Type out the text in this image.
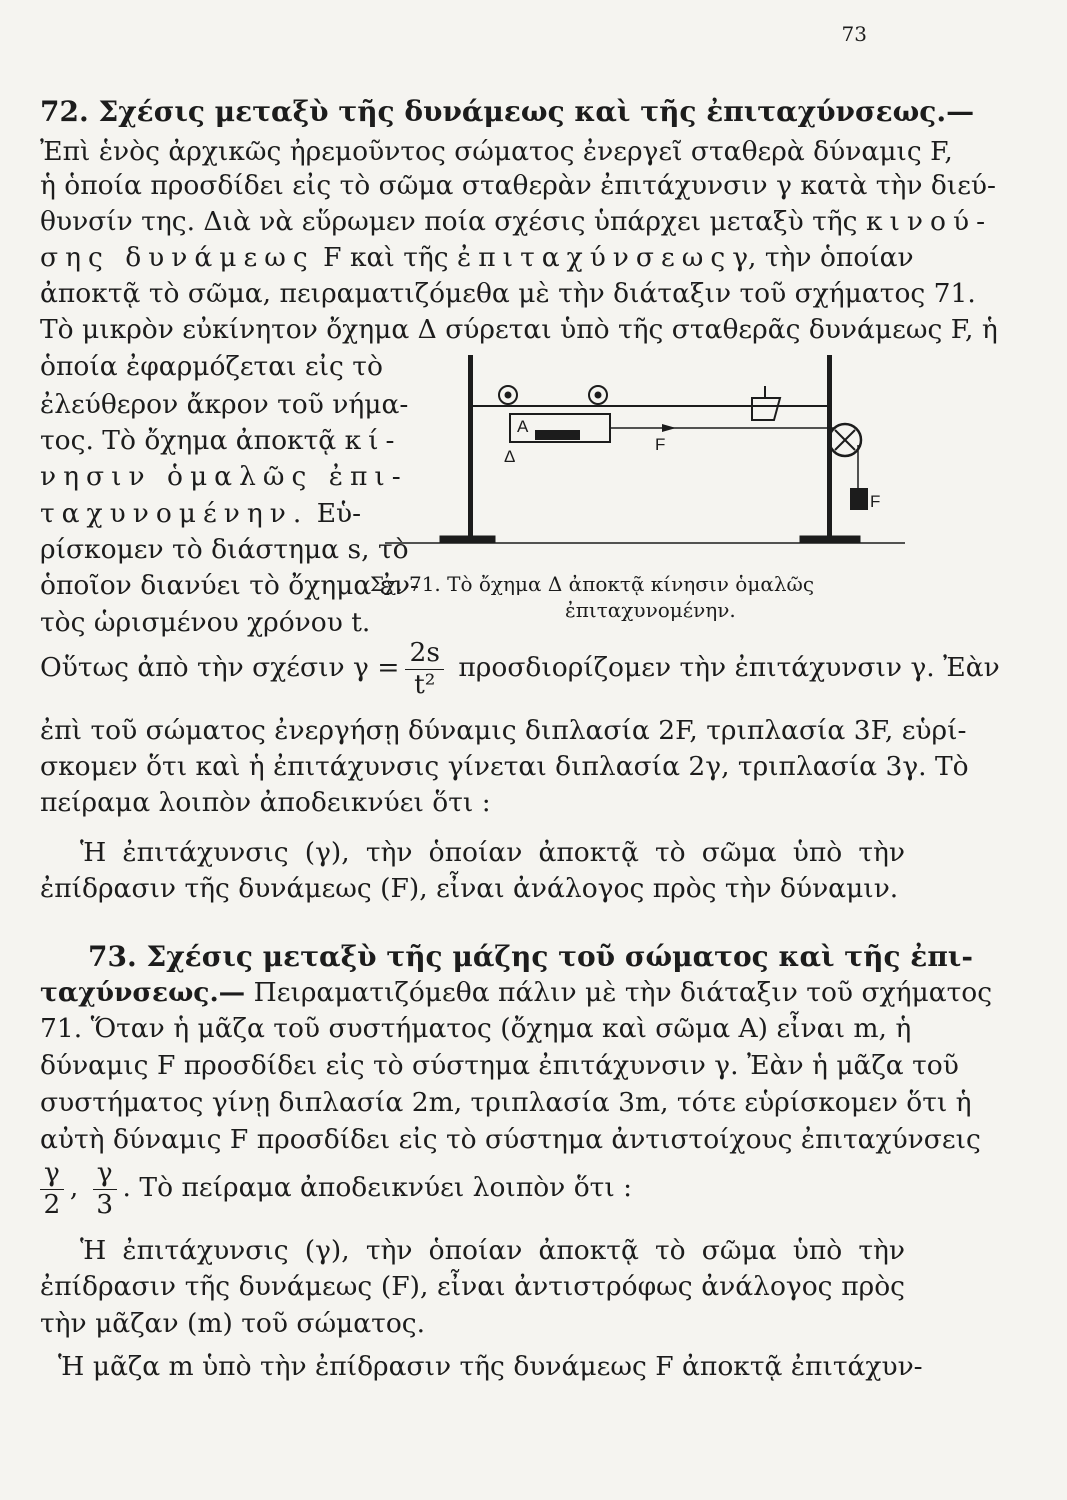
73
72. Σχέσις μεταξὺ τῆς δυνάμεως καὶ τῆς ἐπιταχύνσεως.—
Ἐπὶ ἑνὸς ἀρχικῶς ἠρεμοῦντος σώματος ἐνεργεῖ σταθερὰ δύναμις F,
ἡ ὁποία προσδίδει εἰς τὸ σῶμα σταθερὰν ἐπιτάχυνσιν γ κατὰ τὴν διεύ-
θυνσίν της. Διὰ νὰ εὕρωμεν ποία σχέσις ὑπάρχει μεταξὺ τῆς κινού-
σης δυνάμεως F καὶ τῆς ἐπιταχύνσεωςγ, τὴν ὁποίαν
ἀποκτᾷ τὸ σῶμα, πειραματιζόμεθα μὲ τὴν διάταξιν τοῦ σχήματος 71.
Τὸ μικρὸν εὐκίνητον ὄχημα Δ σύρεται ὑπὸ τῆς σταθερᾶς δυνάμεως F, ἡ
ὁποία ἐφαρμόζεται εἰς τὸ
ἐλεύθερον ἄκρον τοῦ νήμα-
τος. Τὸ ὄχημα ἀποκτᾷ κί-
νησιν ὁμαλῶς ἐπι-
ταχυνομένην. Εὑ-
ρίσκομεν τὸ διάστημα s, τὸ
ὁποῖον διανύει τὸ ὄχημα ἐν-
τὸς ὡρισμένου χρόνου t.
A
Δ
F
F
Σχ. 71. Τὸ ὄχημα Δ ἀποκτᾷ κίνησιν ὁμαλῶς
ἐπιταχυνομένην.
Οὕτως ἀπὸ τὴν σχέσιν $\gamma = \frac{2s}{\text{t²}}$ προσδιορίζομεν τὴν ἐπιτάχυνσιν γ. Ἐὰν
ἐπὶ τοῦ σώματος ἐνεργήσῃ δύναμις διπλασία 2F, τριπλασία 3F, εὑρί-
σκομεν ὅτι καὶ ἡ ἐπιτάχυνσις γίνεται διπλασία 2γ, τριπλασία 3γ. Τὸ
πείραμα λοιπὸν ἀποδεικνύει ὅτι :
Ἡ ἐπιτάχυνσις (γ), τὴν ὁποίαν ἀποκτᾷ τὸ σῶμα ὑπὸ τὴν
ἐπίδρασιν τῆς δυνάμεως (F), εἶναι ἀνάλογος πρὸς τὴν δύναμιν.
73. Σχέσις μεταξὺ τῆς μάζης τοῦ σώματος καὶ τῆς ἐπι-
ταχύνσεως.— Πειραματιζόμεθα πάλιν μὲ τὴν διάταξιν τοῦ σχήματος
71. Ὅταν ἡ μᾶζα τοῦ συστήματος (ὄχημα καὶ σῶμα A) εἶναι m, ἡ
δύναμις F προσδίδει εἰς τὸ σύστημα ἐπιτάχυνσιν γ. Ἐὰν ἡ μᾶζα τοῦ
συστήματος γίνῃ διπλασία 2m, τριπλασία 3m, τότε εὑρίσκομεν ὅτι ἡ
αὐτὴ δύναμις F προσδίδει εἰς τὸ σύστημα ἀντιστοίχους ἐπιταχύνσεις
$\frac{\gamma}{2}$ , $\frac{\gamma}{3}$ . Τὸ πείραμα ἀποδεικνύει λοιπὸν ὅτι :
Ἡ ἐπιτάχυνσις (γ), τὴν ὁποίαν ἀποκτᾷ τὸ σῶμα ὑπὸ τὴν
ἐπίδρασιν τῆς δυνάμεως (F), εἶναι ἀντιστρόφως ἀνάλογος πρὸς
τὴν μᾶζαν (m) τοῦ σώματος.
Ἡ μᾶζα m ὑπὸ τὴν ἐπίδρασιν τῆς δυνάμεως F ἀποκτᾷ ἐπιτάχυν-
